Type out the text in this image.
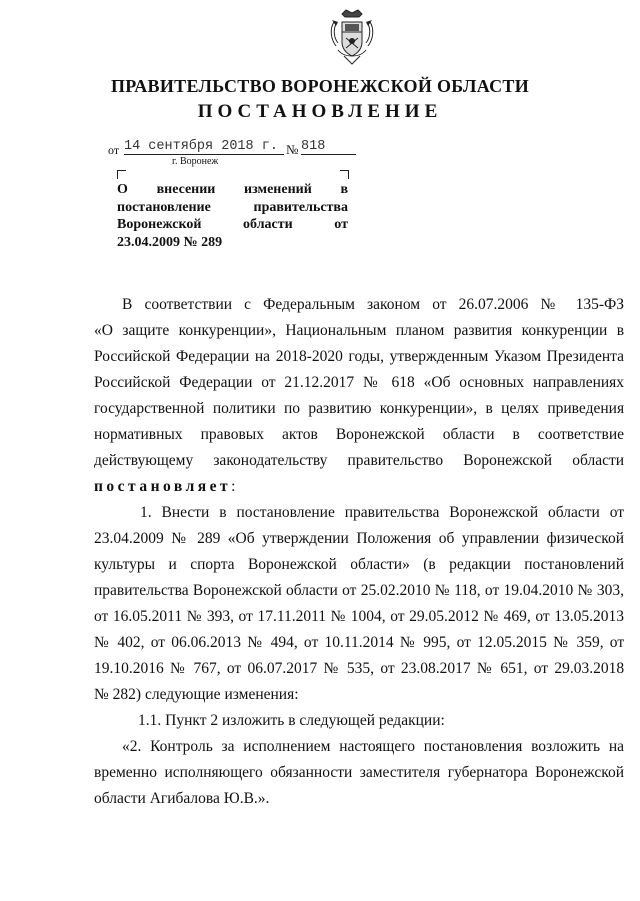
ПРАВИТЕЛЬСТВО ВОРОНЕЖСКОЙ ОБЛАСТИ
ПОСТАНОВЛЕНИЕ
от 14 сентября 2018 г. № 818
г. Воронеж
О внесении изменений в
постановление	правительства
Воронежской	области	от
23.04.2009 № 289
В соответствии с Федеральным законом от 26.07.2006 № 135-ФЗ
«О защите конкуренции», Национальным планом развития конкуренции в
Российской Федерации на 2018-2020 годы, утвержденным Указом Президента
Российской Федерации от 21.12.2017 № 618 «Об основных направлениях
государственной политики по развитию конкуренции», в целях приведения
нормативных правовых актов Воронежской области в соответствие
действующему законодательству правительство Воронежской области
постановляет:
1. Внести в постановление правительства Воронежской области от
23.04.2009 № 289 «Об утверждении Положения об управлении физической
культуры и спорта Воронежской области» (в редакции постановлений
правительства Воронежской области от 25.02.2010 № 118, от 19.04.2010 № 303,
от 16.05.2011 № 393, от 17.11.2011 № 1004, от 29.05.2012 № 469, от 13.05.2013
№ 402, от 06.06.2013 № 494, от 10.11.2014 № 995, от 12.05.2015 № 359, от
19.10.2016 № 767, от 06.07.2017 № 535, от 23.08.2017 № 651, от 29.03.2018
№ 282) следующие изменения:
1.1. Пункт 2 изложить в следующей редакции:
«2. Контроль за исполнением настоящего постановления возложить на
временно исполняющего обязанности заместителя губернатора Воронежской
области Агибалова Ю.В.».
